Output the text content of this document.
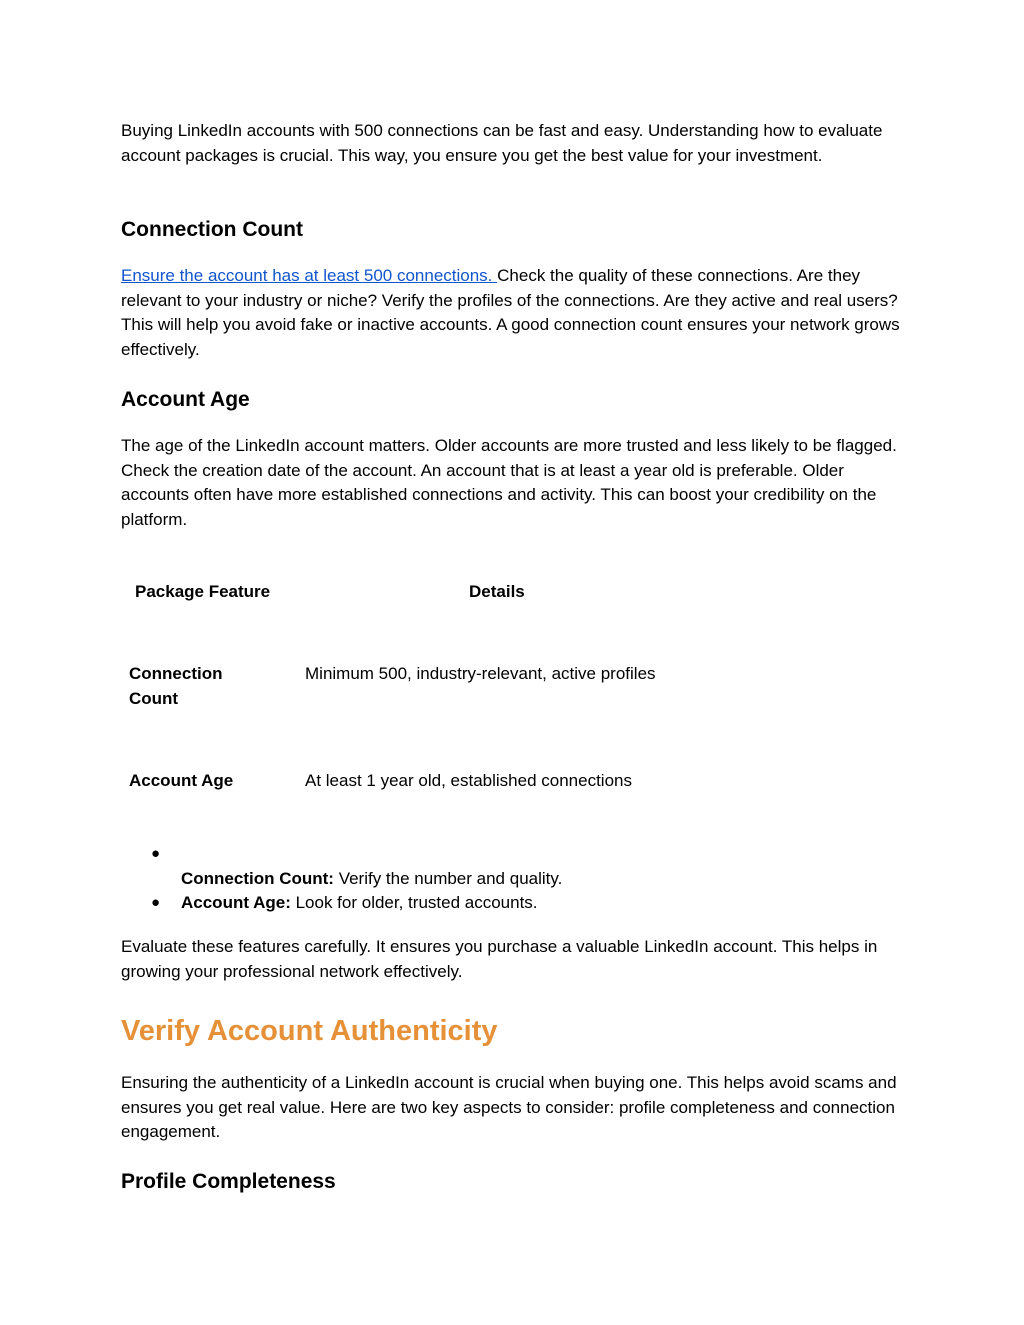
Buying LinkedIn accounts with 500 connections can be fast and easy. Understanding how to evaluate account packages is crucial. This way, you ensure you get the best value for your investment.

Connection Count

Ensure the account has at least 500 connections. Check the quality of these connections. Are they relevant to your industry or niche? Verify the profiles of the connections. Are they active and real users? This will help you avoid fake or inactive accounts. A good connection count ensures your network grows effectively.

Account Age

The age of the LinkedIn account matters. Older accounts are more trusted and less likely to be flagged. Check the creation date of the account. An account that is at least a year old is preferable. Older accounts often have more established connections and activity. This can boost your credibility on the platform.

Package Feature	Details
Connection
Count
Minimum 500, industry-relevant, active profiles
Account Age	At least 1 year old, established connections
●
Connection Count: Verify the number and quality.
● Account Age: Look for older, trusted accounts.

Evaluate these features carefully. It ensures you purchase a valuable LinkedIn account. This helps in growing your professional network effectively.

Verify Account Authenticity

Ensuring the authenticity of a LinkedIn account is crucial when buying one. This helps avoid scams and ensures you get real value. Here are two key aspects to consider: profile completeness and connection engagement.

Profile Completeness
